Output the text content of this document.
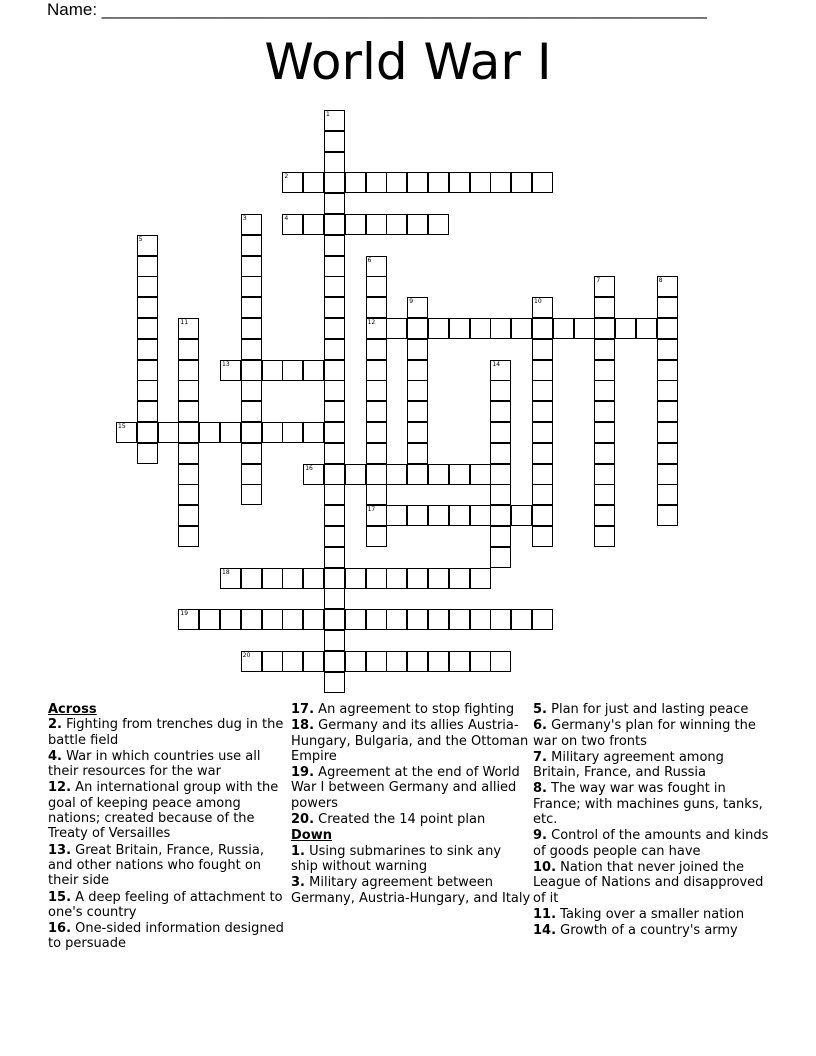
Name: ________________________________________________________________
World War I
2
4
12
13
15
16
17
18
19
20
1
3
5
6
7	8
9	10
11
14
Across
2. Fighting from trenches dug in the battle field
4. War in which countries use all their resources for the war
12. An international group with the goal of keeping peace among nations; created because of the Treaty of Versailles
13. Great Britain, France, Russia, and other nations who fought on their side
15. A deep feeling of attachment to one's country
16. One-sided information designed to persuade
17. An agreement to stop fighting
18. Germany and its allies Austria-Hungary, Bulgaria, and the Ottoman Empire
19. Agreement at the end of World War I between Germany and allied powers
20. Created the 14 point plan
Down
1. Using submarines to sink any ship without warning
3. Military agreement between Germany, Austria-Hungary, and Italy
5. Plan for just and lasting peace
6. Germany's plan for winning the war on two fronts
7. Military agreement among Britain, France, and Russia
8. The way war was fought in France; with machines guns, tanks, etc.
9. Control of the amounts and kinds of goods people can have
10. Nation that never joined the League of Nations and disapproved of it
11. Taking over a smaller nation
14. Growth of a country's army
